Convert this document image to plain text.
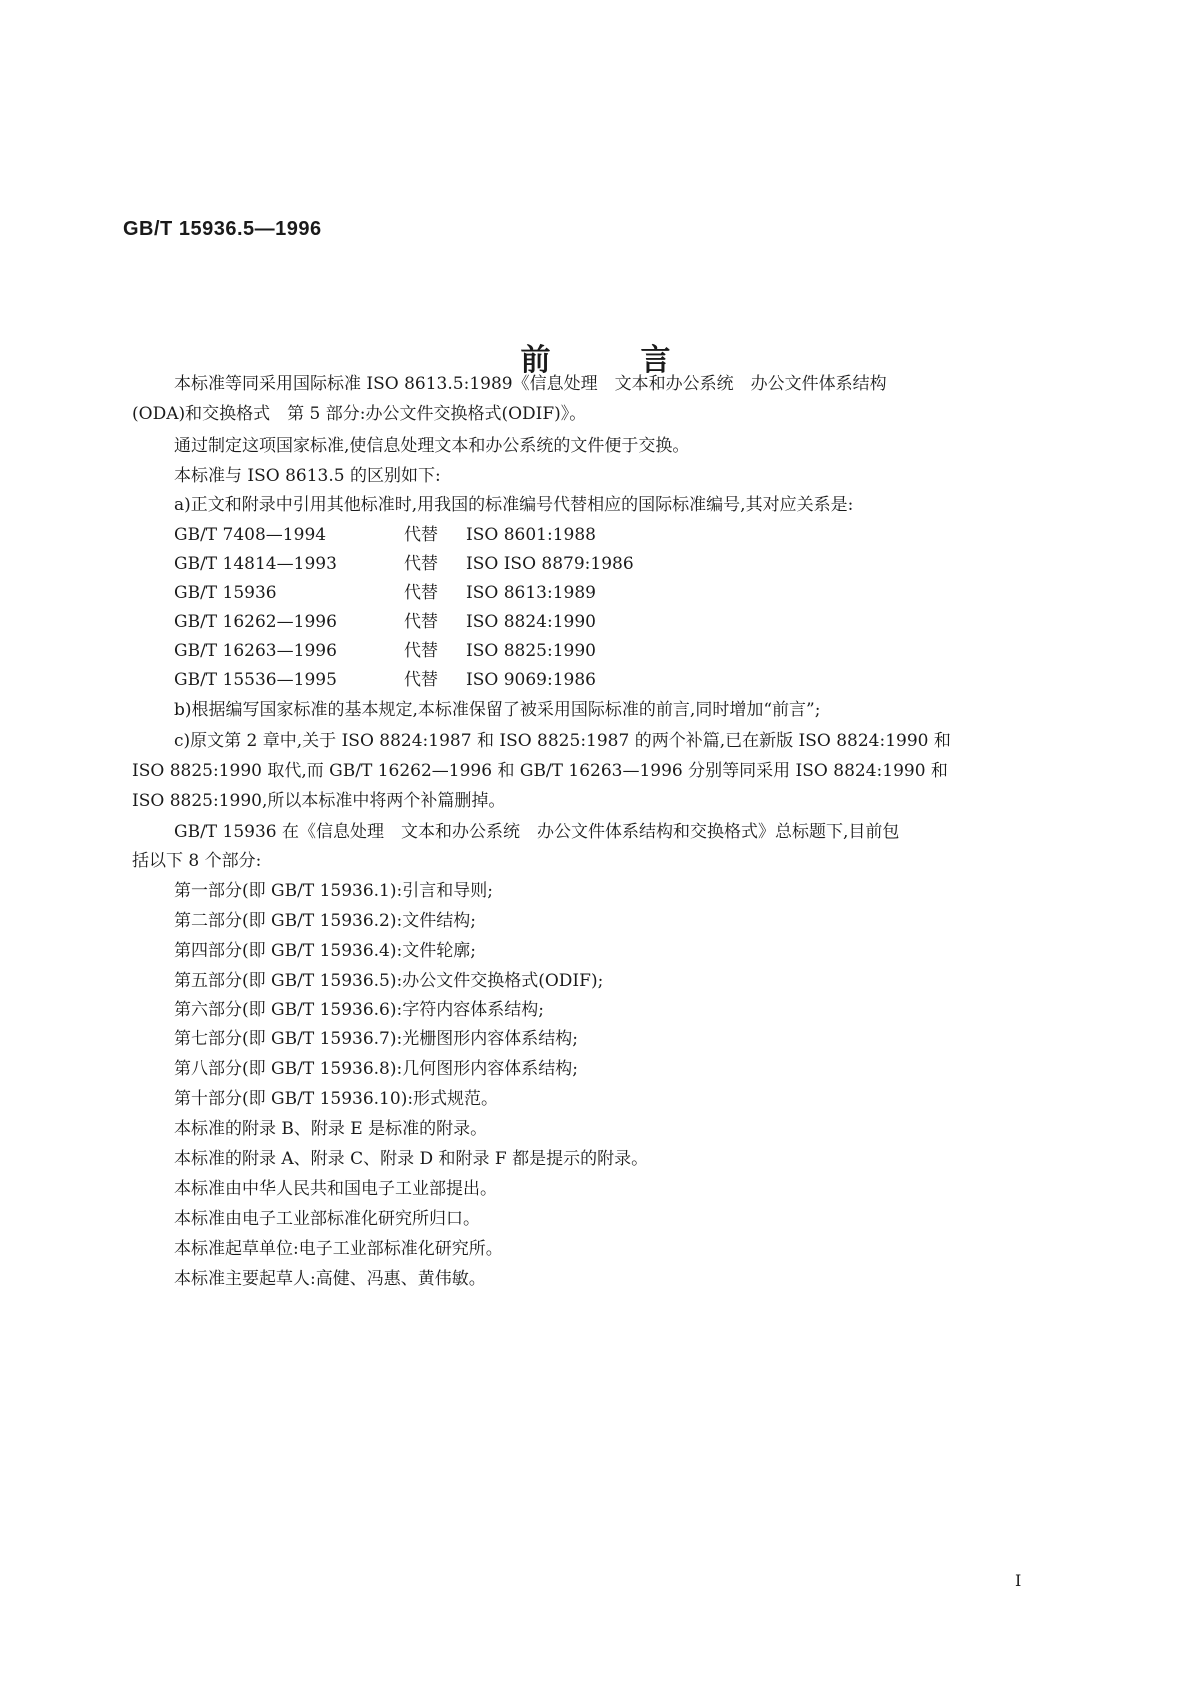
GB/T 15936.5—1996
前言
本标准等同采用国际标准 ISO 8613.5:1989《信息处理　文本和办公系统　办公文件体系结构
(ODA)和交换格式　第 5 部分:办公文件交换格式(ODIF)》。
通过制定这项国家标准,使信息处理文本和办公系统的文件便于交换。
本标准与 ISO 8613.5 的区别如下:
a)正文和附录中引用其他标准时,用我国的标准编号代替相应的国际标准编号,其对应关系是:
GB/T 7408—1994	代替 ISO 8601:1988
GB/T 14814—1993	代替 ISO ISO 8879:1986
GB/T 15936	代替 ISO 8613:1989
GB/T 16262—1996	代替 ISO 8824:1990
GB/T 16263—1996	代替 ISO 8825:1990
GB/T 15536—1995	代替 ISO 9069:1986
b)根据编写国家标准的基本规定,本标准保留了被采用国际标准的前言,同时增加“前言”;
c)原文第 2 章中,关于 ISO 8824:1987 和 ISO 8825:1987 的两个补篇,已在新版 ISO 8824:1990 和
ISO 8825:1990 取代,而 GB/T 16262—1996 和 GB/T 16263—1996 分别等同采用 ISO 8824:1990 和
ISO 8825:1990,所以本标准中将两个补篇删掉。
GB/T 15936 在《信息处理　文本和办公系统　办公文件体系结构和交换格式》总标题下,目前包
括以下 8 个部分:
第一部分(即 GB/T 15936.1):引言和导则;
第二部分(即 GB/T 15936.2):文件结构;
第四部分(即 GB/T 15936.4):文件轮廓;
第五部分(即 GB/T 15936.5):办公文件交换格式(ODIF);
第六部分(即 GB/T 15936.6):字符内容体系结构;
第七部分(即 GB/T 15936.7):光栅图形内容体系结构;
第八部分(即 GB/T 15936.8):几何图形内容体系结构;
第十部分(即 GB/T 15936.10):形式规范。
本标准的附录 B、附录 E 是标准的附录。
本标准的附录 A、附录 C、附录 D 和附录 F 都是提示的附录。
本标准由中华人民共和国电子工业部提出。
本标准由电子工业部标准化研究所归口。
本标准起草单位:电子工业部标准化研究所。
本标准主要起草人:高健、冯惠、黄伟敏。
I
